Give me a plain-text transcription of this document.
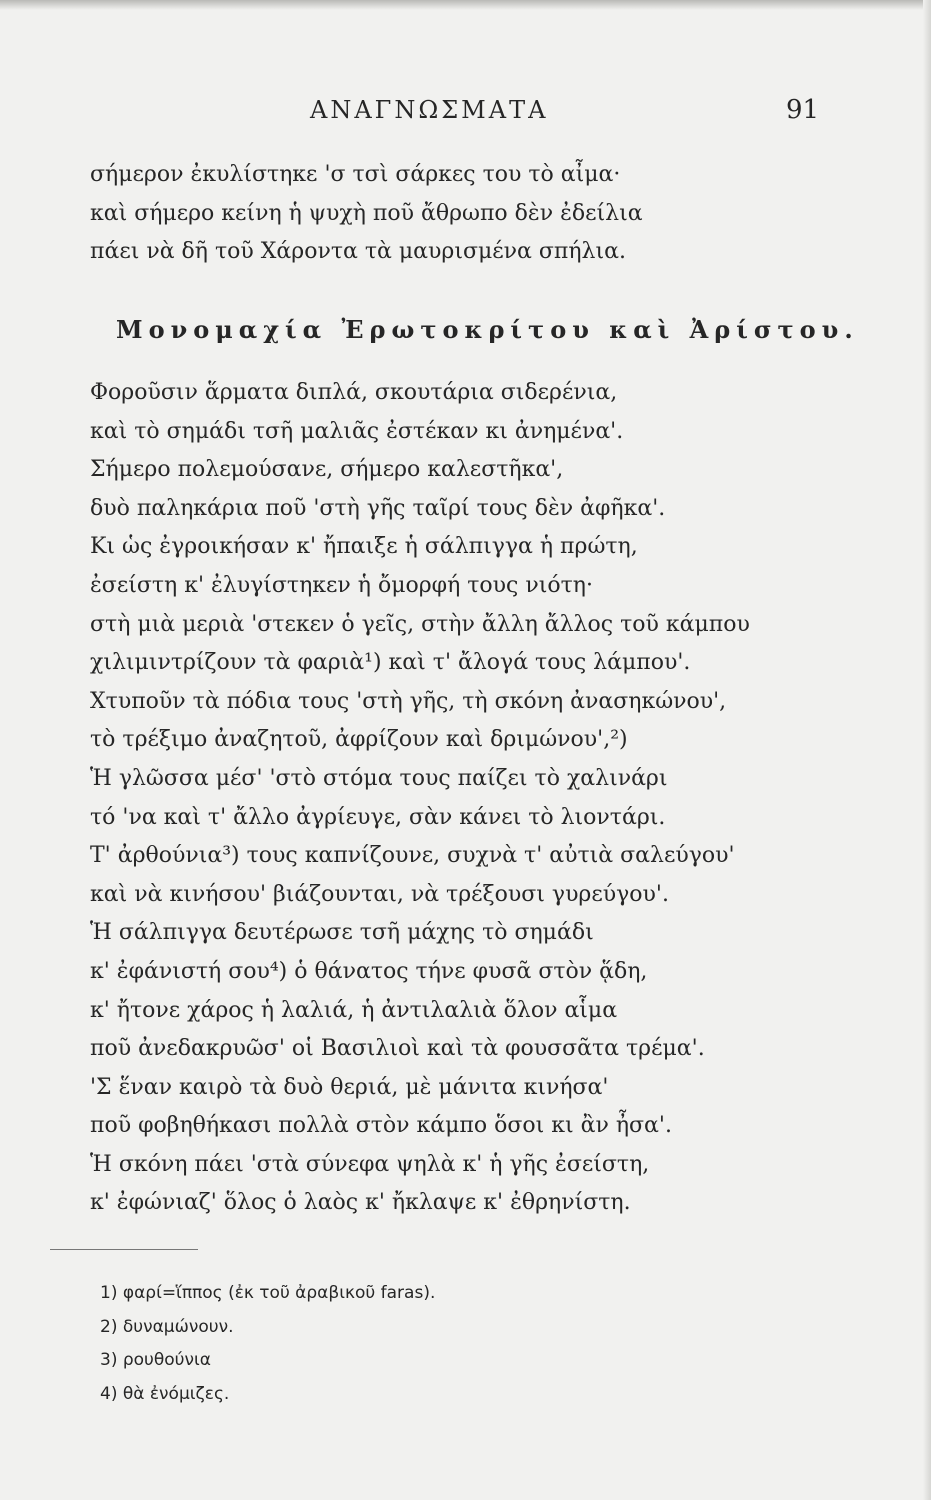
ΑΝΑΓΝΩΣΜΑΤΑ	91
σήμερον ἐκυλίστηκε 'σ τσὶ σάρκες του τὸ αἶμα·
καὶ σήμερο κείνη ἡ ψυχὴ ποῦ ἄθρωπο δὲν ἐδείλια
πάει νὰ δῆ τοῦ Χάροντα τὰ μαυρισμένα σπήλια.
Μονομαχία Ἐρωτοκρίτου καὶ Ἀρίστου.
Φοροῦσιν ἅρματα διπλά, σκουτάρια σιδερένια,
καὶ τὸ σημάδι τσῆ μαλιᾶς ἐστέκαν κι ἀνημένα'.
Σήμερο πολεμούσανε, σήμερο καλεστῆκα',
δυὸ παληκάρια ποῦ 'στὴ γῆς ταῖρί τους δὲν ἀφῆκα'.
Κι ὡς ἐγροικήσαν κ' ἤπαιξε ἡ σάλπιγγα ἡ πρώτη,
ἐσείστη κ' ἐλυγίστηκεν ἡ ὄμορφή τους νιότη·
στὴ μιὰ μεριὰ 'στεκεν ὁ γεῖς, στὴν ἄλλη ἄλλος τοῦ κάμπου
χιλιμιντρίζουν τὰ φαριὰ¹) καὶ τ' ἄλογά τους λάμπου'.
Χτυποῦν τὰ πόδια τους 'στὴ γῆς, τὴ σκόνη ἀνασηκώνου',
τὸ τρέξιμο ἀναζητοῦ, ἀφρίζουν καὶ δριμώνου',²)
Ἡ γλῶσσα μέσ' 'στὸ στόμα τους παίζει τὸ χαλινάρι
τό 'να καὶ τ' ἄλλο ἀγρίευγε, σὰν κάνει τὸ λιοντάρι.
Τ' ἀρθούνια³) τους καπνίζουνε, συχνὰ τ' αὐτιὰ σαλεύγου'
καὶ νὰ κινήσου' βιάζουνται, νὰ τρέξουσι γυρεύγου'.
Ἡ σάλπιγγα δευτέρωσε τσῆ μάχης τὸ σημάδι
κ' ἐφάνιστή σου⁴) ὁ θάνατος τήνε φυσᾶ στὸν ᾅδη,
κ' ἤτονε χάρος ἡ λαλιά, ἡ ἀντιλαλιὰ ὅλον αἷμα
ποῦ ἀνεδακρυῶσ' οἱ Βασιλιοὶ καὶ τὰ φουσσᾶτα τρέμα'.
'Σ ἕναν καιρὸ τὰ δυὸ θεριά, μὲ μάνιτα κινήσα'
ποῦ φοβηθήκασι πολλὰ στὸν κάμπο ὅσοι κι ἂν ἦσα'.
Ἡ σκόνη πάει 'στὰ σύνεφα ψηλὰ κ' ἡ γῆς ἐσείστη,
κ' ἐφώνιαζ' ὅλος ὁ λαὸς κ' ἤκλαψε κ' ἐθρηνίστη.
1) φαρί=ἵππος (ἐκ τοῦ ἀραβικοῦ faras).
2) δυναμώνουν.
3) ρουθούνια
4) θὰ ἐνόμιζες.
